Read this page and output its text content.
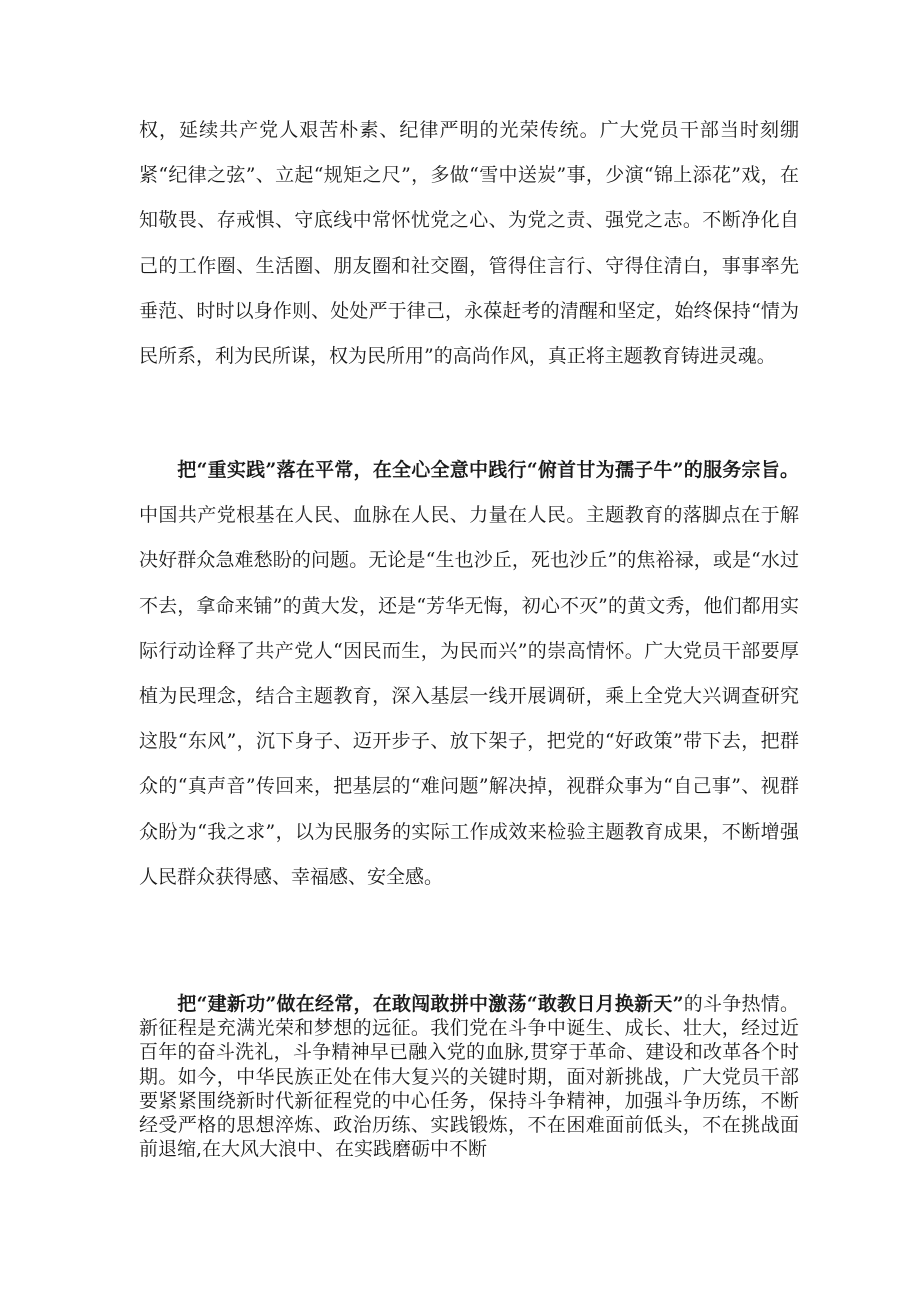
权，延续共产党人艰苦朴素、纪律严明的光荣传统。广大党员干部当时刻绷紧“纪律之弦”、立起“规矩之尺”，多做“雪中送炭”事，少演“锦上添花”戏，在知敬畏、存戒惧、守底线中常怀忧党之心、为党之责、强党之志。不断净化自己的工作圈、生活圈、朋友圈和社交圈，管得住言行、守得住清白，事事率先垂范、时时以身作则、处处严于律己，永葆赶考的清醒和坚定，始终保持“情为民所系，利为民所谋，权为民所用”的高尚作风，真正将主题教育铸进灵魂。

把“重实践”落在平常，在全心全意中践行“俯首甘为孺子牛”的服务宗旨。中国共产党根基在人民、血脉在人民、力量在人民。主题教育的落脚点在于解决好群众急难愁盼的问题。无论是“生也沙丘，死也沙丘”的焦裕禄，或是“水过不去，拿命来铺”的黄大发，还是“芳华无悔，初心不灭”的黄文秀，他们都用实际行动诠释了共产党人“因民而生，为民而兴”的崇高情怀。广大党员干部要厚植为民理念，结合主题教育，深入基层一线开展调研，乘上全党大兴调查研究这股“东风”，沉下身子、迈开步子、放下架子，把党的“好政策”带下去，把群众的“真声音”传回来，把基层的“难问题”解决掉，视群众事为“自己事”、视群众盼为“我之求”，以为民服务的实际工作成效来检验主题教育成果，不断增强人民群众获得感、幸福感、安全感。

把“建新功”做在经常，在敢闯敢拼中激荡“敢教日月换新天”的斗争热情。新征程是充满光荣和梦想的远征。我们党在斗争中诞生、成长、壮大，经过近百年的奋斗洗礼，斗争精神早已融入党的血脉,贯穿于革命、建设和改革各个时期。如今，中华民族正处在伟大复兴的关键时期，面对新挑战，广大党员干部要紧紧围绕新时代新征程党的中心任务，保持斗争精神，加强斗争历练，不断经受严格的思想淬炼、政治历练、实践锻炼，不在困难面前低头，不在挑战面前退缩,在大风大浪中、在实践磨砺中不断
